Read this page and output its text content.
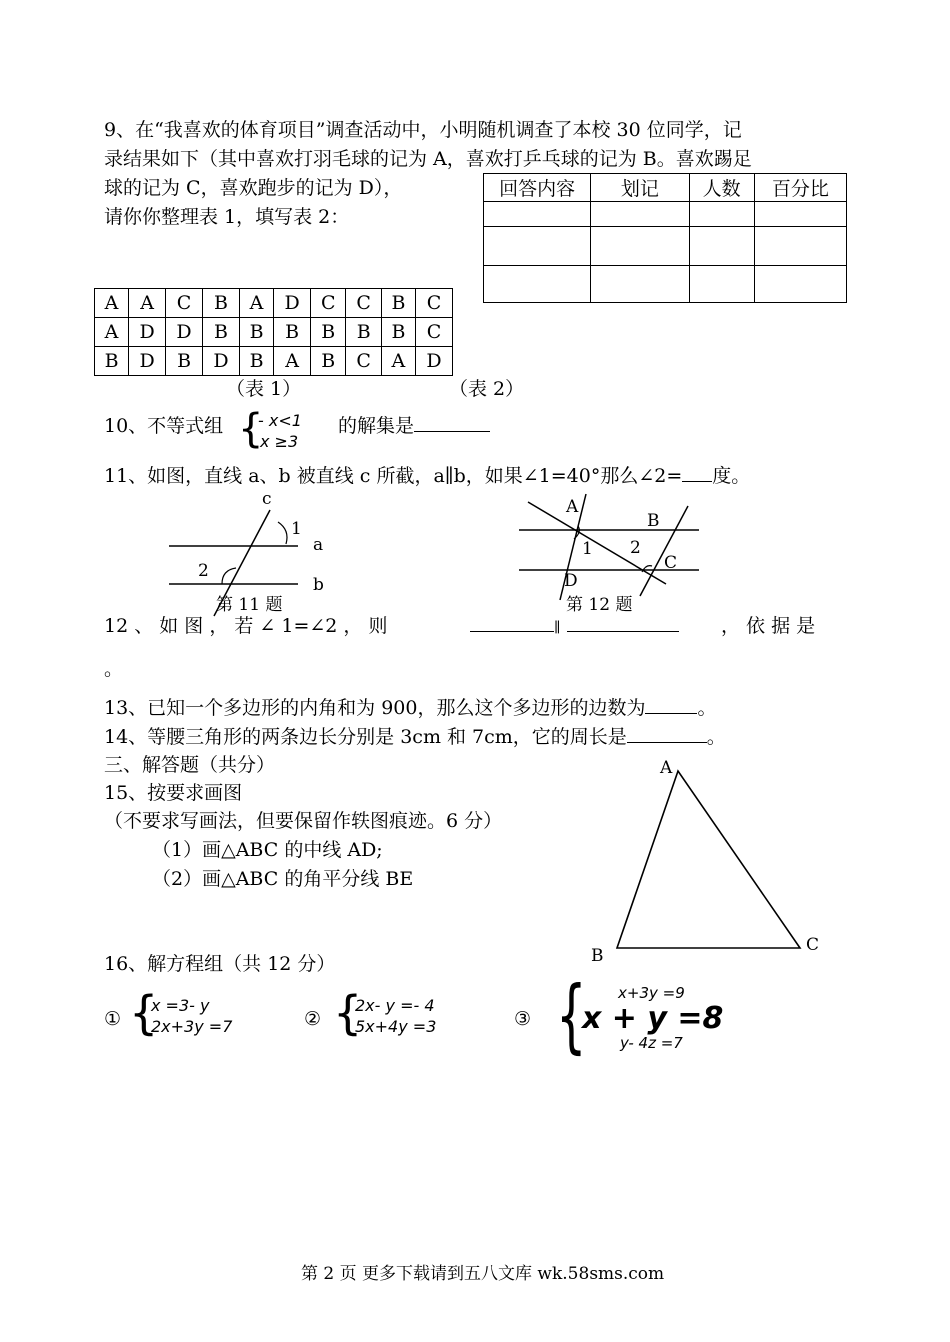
9、在“我喜欢的体育项目”调查活动中，小明随机调查了本校 30 位同学，记
录结果如下（其中喜欢打羽毛球的记为 A，喜欢打乒乓球的记为 B。喜欢踢足
球的记为 C，喜欢跑步的记为 D），
请你你整理表 1，填写表 2：
回答内容	划记	人数	百分比

A	A	C	B	A	D	C	C	B	C
A	D	D	B	B	B	B	B	B	C
B	D	B	D	B	A	B	C	A	D
（表 1）	（表 2）
10、不等式组 {
- x<1
x ≥3
的解集是
11、如图，直线 a、b 被直线 c 所截，a∥b，如果∠1=40°那么∠2= 度。
c
1
a
2
b
第 11 题
A
B
1 2
C
D
第 12 题
12 、 如 图 ， 若 ∠ 1=∠2 ， 则	∥	， 依 据 是
。
13、已知一个多边形的内角和为 900，那么这个多边形的边数为	。
14、等腰三角形的两条边长分别是 3cm 和 7cm，它的周长是	。
三、解答题（共分）
15、按要求画图
（不要求写画法，但要保留作轶图痕迹。6 分）
（1）画△ABC 的中线 AD;
（2）画△ABC 的角平分线 BE
A
B
C
16、解方程组（共 12 分）
① {
x =3- y
2x+3y =7	② {
2x- y =- 4
5x+4y =3	③ { x+3y =9
x + y =8
y- 4z =7
第 2 页 更多下载请到五八文库 wk.58sms.com
